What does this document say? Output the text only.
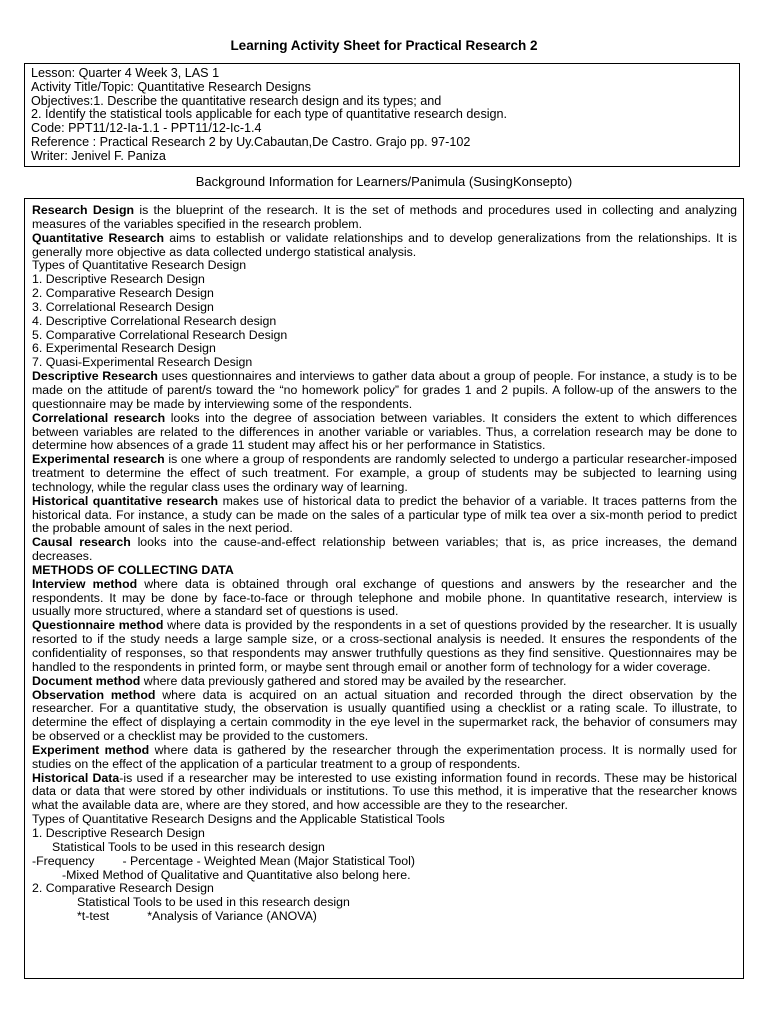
Learning Activity Sheet for Practical Research 2
Lesson: Quarter 4 Week 3, LAS 1
Activity Title/Topic: Quantitative Research Designs
Objectives:1. Describe the quantitative research design and its types; and
2. Identify the statistical tools applicable for each type of quantitative research design.
Code: PPT11/12-Ia-1.1 - PPT11/12-Ic-1.4
Reference : Practical Research 2 by Uy.Cabautan,De Castro. Grajo pp. 97-102
Writer: Jenivel F. Paniza
Background Information for Learners/Panimula (SusingKonsepto)

Research Design is the blueprint of the research. It is the set of methods and procedures used in collecting and analyzing measures of the variables specified in the research problem.

Quantitative Research aims to establish or validate relationships and to develop generalizations from the relationships. It is generally more objective as data collected undergo statistical analysis.

Types of Quantitative Research Design
1. Descriptive Research Design
2. Comparative Research Design
3. Correlational Research Design
4. Descriptive Correlational Research design
5. Comparative Correlational Research Design
6. Experimental Research Design
7. Quasi-Experimental Research Design

Descriptive Research uses questionnaires and interviews to gather data about a group of people. For instance, a study is to be made on the attitude of parent/s toward the “no homework policy” for grades 1 and 2 pupils. A follow-up of the answers to the questionnaire may be made by interviewing some of the respondents.

Correlational research looks into the degree of association between variables. It considers the extent to which differences between variables are related to the differences in another variable or variables. Thus, a correlation research may be done to determine how absences of a grade 11 student may affect his or her performance in Statistics.

Experimental research is one where a group of respondents are randomly selected to undergo a particular researcher-imposed treatment to determine the effect of such treatment. For example, a group of students may be subjected to learning using technology, while the regular class uses the ordinary way of learning.

Historical quantitative research makes use of historical data to predict the behavior of a variable. It traces patterns from the historical data. For instance, a study can be made on the sales of a particular type of milk tea over a six-month period to predict the probable amount of sales in the next period.

Causal research looks into the cause-and-effect relationship between variables; that is, as price increases, the demand decreases.

METHODS OF COLLECTING DATA

Interview method where data is obtained through oral exchange of questions and answers by the researcher and the respondents. It may be done by face-to-face or through telephone and mobile phone. In quantitative research, interview is usually more structured, where a standard set of questions is used.

Questionnaire method where data is provided by the respondents in a set of questions provided by the researcher. It is usually resorted to if the study needs a large sample size, or a cross-sectional analysis is needed. It ensures the respondents of the confidentiality of responses, so that respondents may answer truthfully questions as they find sensitive. Questionnaires may be handled to the respondents in printed form, or maybe sent through email or another form of technology for a wider coverage.

Document method where data previously gathered and stored may be availed by the researcher.

Observation method where data is acquired on an actual situation and recorded through the direct observation by the researcher. For a quantitative study, the observation is usually quantified using a checklist or a rating scale. To illustrate, to determine the effect of displaying a certain commodity in the eye level in the supermarket rack, the behavior of consumers may be observed or a checklist may be provided to the customers.

Experiment method where data is gathered by the researcher through the experimentation process. It is normally used for studies on the effect of the application of a particular treatment to a group of respondents.

Historical Data-is used if a researcher may be interested to use existing information found in records. These may be historical data or data that were stored by other individuals or institutions. To use this method, it is imperative that the researcher knows what the available data are, where are they stored, and how accessible are they to the researcher.

Types of Quantitative Research Designs and the Applicable Statistical Tools
1. Descriptive Research Design
Statistical Tools to be used in this research design
-Frequency - Percentage - Weighted Mean (Major Statistical Tool)
-Mixed Method of Qualitative and Quantitative also belong here.
2. Comparative Research Design
Statistical Tools to be used in this research design
*t-test	*Analysis of Variance (ANOVA)
